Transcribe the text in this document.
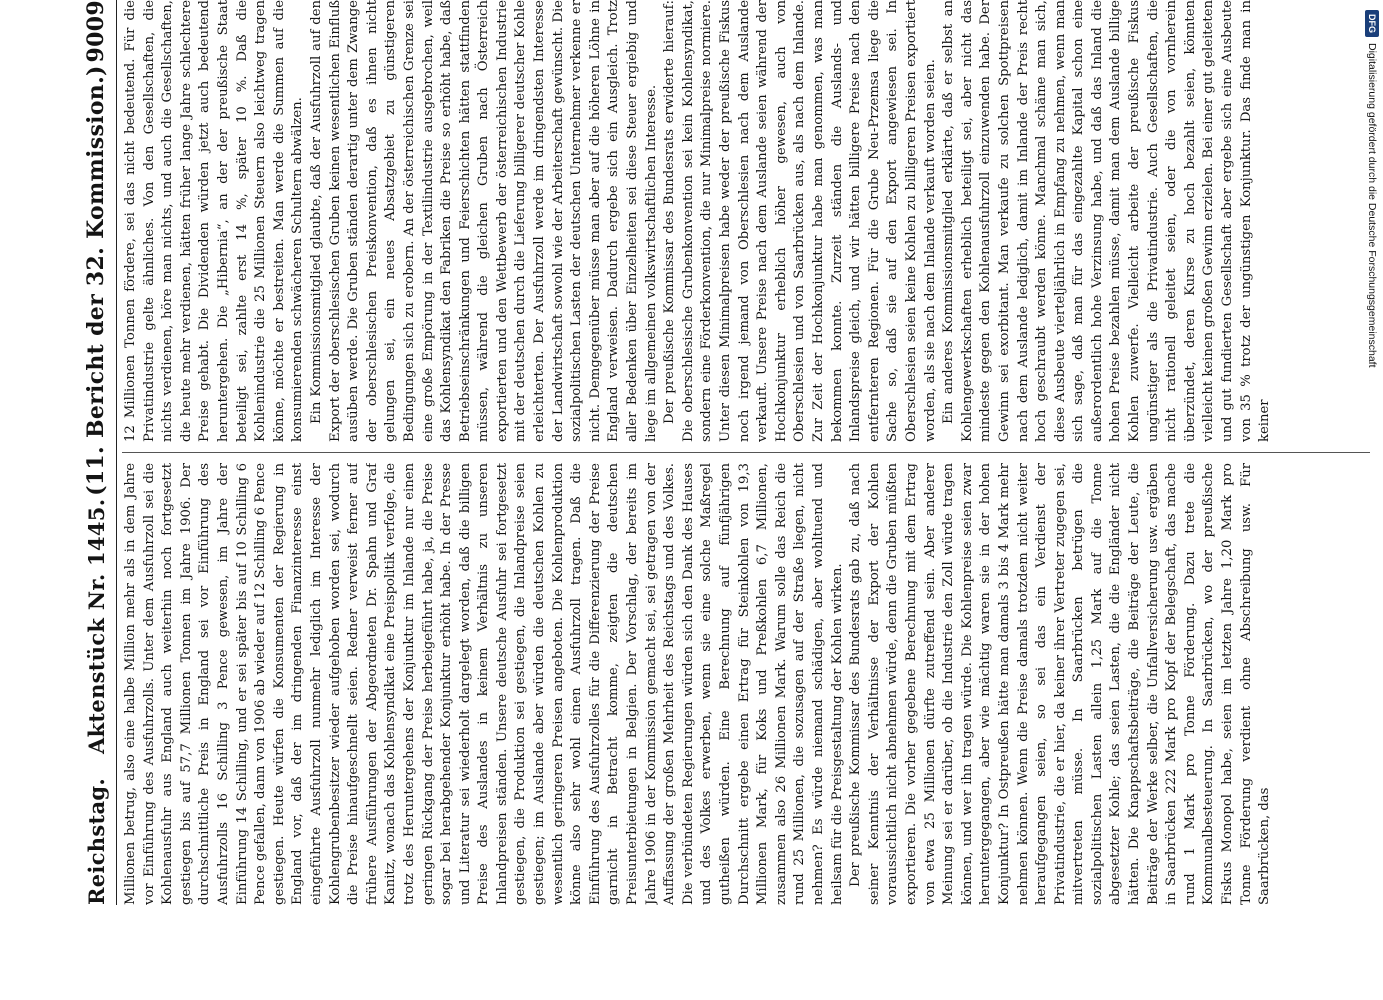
Reichstag.
Aktenstück Nr. 1445.
(11. Bericht der 32. Kommission.)
9009

Millionen betrug, also eine halbe Million mehr als in dem Jahre vor Einführung des Ausfuhrzolls. Unter dem Ausfuhrzoll sei die Kohlenausfuhr aus England auch weiterhin noch fortgesetzt gestiegen bis auf 57,7 Millionen Tonnen im Jahre 1906. Der durchschnittliche Preis in England sei vor Einführung des Ausfuhrzolls 16 Schilling 3 Pence gewesen, im Jahre der Einführung 14 Schilling, und er sei später bis auf 10 Schilling 6 Pence gefallen, dann von 1906 ab wieder auf 12 Schilling 6 Pence gestiegen. Heute würfen die Konsumenten der Regierung in England vor, daß der im dringenden Finanzinteresse einst eingeführte Ausfuhrzoll nunmehr lediglich im Interesse der Kohlengrubenbesitzer wieder aufgehoben worden sei, wodurch die Preise hinaufgeschnellt seien. Redner verweist ferner auf frühere Ausführungen der Abgeordneten Dr. Spahn und Graf Kanitz, wonach das Kohlensyndikat eine Preispolitik verfolge, die trotz des Heruntergehens der Konjunktur im Inlande nur einen geringen Rückgang der Preise herbeigeführt habe, ja, die Preise sogar bei herabgehender Konjunktur erhöht habe. In der Presse und Literatur sei wiederholt dargelegt worden, daß die billigen Preise des Auslandes in keinem Verhältnis zu unseren Inlandpreisen ständen. Unsere deutsche Ausfuhr sei fortgesetzt gestiegen, die Produktion sei gestiegen, die Inlandpreise seien gestiegen; im Auslande aber würden die deutschen Kohlen zu wesentlich geringeren Preisen angeboten. Die Kohlenproduktion könne also sehr wohl einen Ausfuhrzoll tragen. Daß die Einführung des Ausfuhrzolles für die Differenzierung der Preise garnicht in Betracht komme, zeigten die deutschen Preisunterbietungen in Belgien. Der Vorschlag, der bereits im Jahre 1906 in der Kommission gemacht sei, sei getragen von der Auffassung der großen Mehrheit des Reichstags und des Volkes. Die verbündeten Regierungen würden sich den Dank des Hauses und des Volkes erwerben, wenn sie eine solche Maßregel gutheißen würden. Eine Berechnung auf fünfjährigen Durchschnitt ergebe einen Ertrag für Steinkohlen von 19,3 Millionen Mark, für Koks und Preßkohlen 6,7 Millionen, zusammen also 26 Millionen Mark. Warum solle das Reich die rund 25 Millionen, die sozusagen auf der Straße liegen, nicht nehmen? Es würde niemand schädigen, aber wohltuend und heilsam für die Preisgestaltung der Kohlen wirken. Der preußische Kommissar des Bundesrats gab zu, daß nach seiner Kenntnis der Verhältnisse der Export der Kohlen voraussichtlich nicht abnehmen würde, denn die Gruben müßten exportieren. Die vorher gegebene Berechnung mit dem Ertrag von etwa 25 Millionen dürfte zutreffend sein. Aber anderer Meinung sei er darüber, ob die Industrie den Zoll würde tragen können, und wer ihn tragen würde. Die Kohlenpreise seien zwar heruntergegangen, aber wie mächtig waren sie in der hohen Konjunktur? In Ostpreußen hätte man damals 3 bis 4 Mark mehr nehmen können. Wenn die Preise damals trotzdem nicht weiter heraufgegangen seien, so sei das ein Verdienst der Privatindustrie, die er hier, da keiner ihrer Vertreter zugegen sei, mitvertreten müsse. In Saarbrücken betrügen die sozialpolitischen Lasten allein 1,25 Mark auf die Tonne abgesetzter Kohle; das seien Lasten, die die Engländer nicht hätten. Die Knappschaftsbeiträge, die Beiträge der Leute, die Beiträge der Werke selber, die Unfallversicherung usw. ergäben in Saarbrücken 222 Mark pro Kopf der Belegschaft, das mache rund 1 Mark pro Tonne Förderung. Dazu trete die Kommunalbesteuerung. In Saarbrücken, wo der preußische Fiskus Monopol habe, seien im letzten Jahre 1,20 Mark pro Tonne Förderung verdient ohne Abschreibung usw. Für Saarbrücken, das

12 Millionen Tonnen fördere, sei das nicht bedeutend. Für die Privatindustrie gelte ähnliches. Von den Gesellschaften, die nichts verdienen, höre man nichts, und auch die Gesellschaften, die heute mehr verdienen, hätten früher lange Jahre schlechtere Preise gehabt. Die Dividenden würden jetzt auch bedeutend heruntergehen. Die „Hibernia“, an der der preußische Staat beteiligt sei, zahlte erst 14 %, später 10 %. Daß die Kohlenindustrie die 25 Millionen Steuern also leichtweg tragen könne, möchte er bestreiten. Man werde die Summen auf die konsumierenden schwächeren Schultern abwälzen. Ein Kommissionsmitglied glaubte, daß der Ausfuhrzoll auf den Export der oberschlesischen Gruben keinen wesentlichen Einfluß ausüben werde. Die Gruben ständen derartig unter dem Zwange der oberschlesischen Preiskonvention, daß es ihnen nicht gelungen sei, ein neues Absatzgebiet zu günstigeren Bedingungen sich zu erobern. An der österreichischen Grenze sei eine große Empörung in der Textilindustrie ausgebrochen, weil das Kohlensyndikat den Fabriken die Preise so erhöht habe, daß Betriebseinschränkungen und Feierschichten hätten stattfinden müssen, während die gleichen Gruben nach Österreich exportierten und den Wettbewerb der österreichischen Industrie mit der deutschen durch die Lieferung billigerer deutscher Kohle erleichterten. Der Ausfuhrzoll werde im dringendsten Interesse der Landwirtschaft sowohl wie der Arbeiterschaft gewünscht. Die sozialpolitischen Lasten der deutschen Unternehmer verkenne er nicht. Demgegenüber müsse man aber auf die höheren Löhne in England verweisen. Dadurch ergebe sich ein Ausgleich. Trotz aller Bedenken über Einzelheiten sei diese Steuer ergiebig und liege im allgemeinen volkswirtschaftlichen Interesse. Der preußische Kommissar des Bundesrats erwiderte hierauf: Die oberschlesische Grubenkonvention sei kein Kohlensyndikat, sondern eine Förderkonvention, die nur Minimalpreise normiere. Unter diesen Minimalpreisen habe weder der preußische Fiskus noch irgend jemand von Oberschlesien nach dem Auslande verkauft. Unsere Preise nach dem Auslande seien während der Hochkonjunktur erheblich höher gewesen, auch von Oberschlesien und von Saarbrücken aus, als nach dem Inlande. Zur Zeit der Hochkonjunktur habe man genommen, was man bekommen konnte. Zurzeit ständen die Auslands- und Inlandspreise gleich, und wir hätten billigere Preise nach den entfernteren Regionen. Für die Grube Neu-Przemsa liege die Sache so, daß sie auf den Export angewiesen sei. In Oberschlesien seien keine Kohlen zu billigeren Preisen exportiert worden, als sie nach dem Inlande verkauft worden seien. Ein anderes Kommissionsmitglied erklärte, daß er selbst an Kohlengewerkschaften erheblich beteiligt sei, aber nicht das mindeste gegen den Kohlenausfuhrzoll einzuwenden habe. Der Gewinn sei exorbitant. Man verkaufe zu solchen Spottpreisen nach dem Auslande lediglich, damit im Inlande der Preis recht hoch geschraubt werden könne. Manchmal schäme man sich, diese Ausbeute vierteljährlich in Empfang zu nehmen, wenn man sich sage, daß man für das eingezahlte Kapital schon eine außerordentlich hohe Verzinsung habe, und daß das Inland die hohen Preise bezahlen müsse, damit man dem Auslande billige Kohlen zuwerfe. Vielleicht arbeite der preußische Fiskus ungünstiger als die Privatindustrie. Auch Gesellschaften, die nicht rationell geleitet seien, oder die von vornherein überzündet, deren Kurse zu hoch bezahlt seien, könnten vielleicht keinen großen Gewinn erzielen. Bei einer gut geleiteten und gut fundierten Gesellschaft aber ergebe sich eine Ausbeute von 35 % trotz der ungünstigen Konjunktur. Das finde man in keiner

DFG
Digitalisierung gefördert durch die Deutsche Forschungsgemeinschaft
